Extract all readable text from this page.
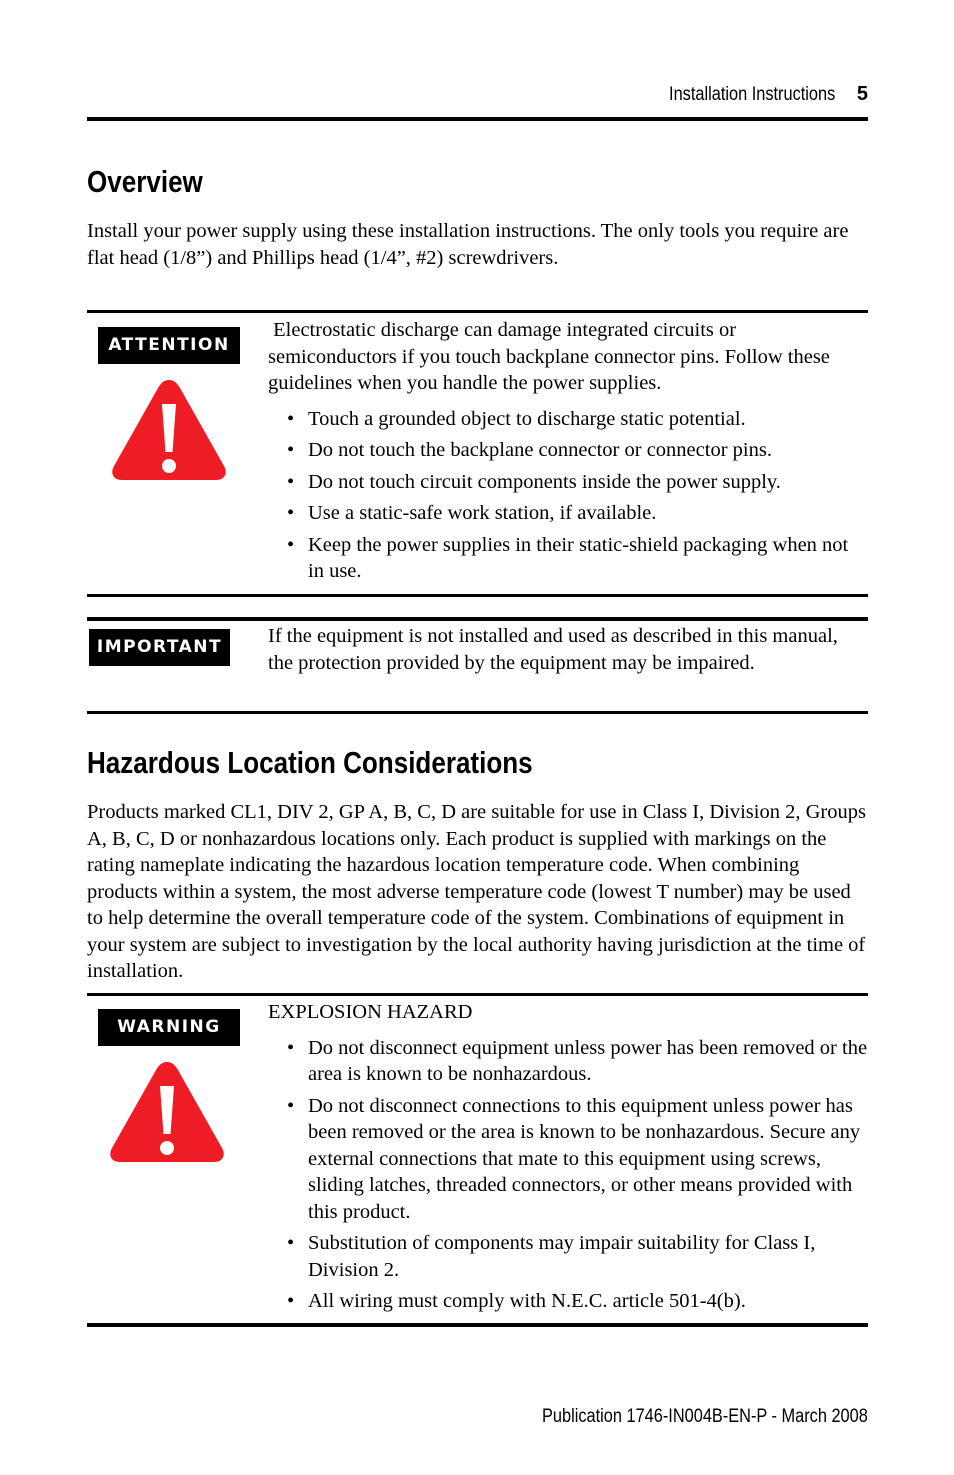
Installation Instructions 5
Overview
Install your power supply using these installation instructions. The only tools you require are flat head (1/8”) and Phillips head (1/4”, #2) screwdrivers.
ATTENTION
Electrostatic discharge can damage integrated circuits or semiconductors if you touch backplane connector pins. Follow these guidelines when you handle the power supplies.
• Touch a grounded object to discharge static potential.
• Do not touch the backplane connector or connector pins.
• Do not touch circuit components inside the power supply.
• Use a static-safe work station, if available.
• Keep the power supplies in their static-shield packaging when not in use.
IMPORTANT	If the equipment is not installed and used as described in this manual, the protection provided by the equipment may be impaired.
Hazardous Location Considerations
Products marked CL1, DIV 2, GP A, B, C, D are suitable for use in Class I, Division 2, Groups A, B, C, D or nonhazardous locations only. Each product is supplied with markings on the rating nameplate indicating the hazardous location temperature code. When combining products within a system, the most adverse temperature code (lowest T number) may be used to help determine the overall temperature code of the system. Combinations of equipment in your system are subject to investigation by the local authority having jurisdiction at the time of installation.
WARNING
EXPLOSION HAZARD
• Do not disconnect equipment unless power has been removed or the area is known to be nonhazardous.
• Do not disconnect connections to this equipment unless power has been removed or the area is known to be nonhazardous. Secure any external connections that mate to this equipment using screws, sliding latches, threaded connectors, or other means provided with this product.
• Substitution of components may impair suitability for Class I, Division 2.
• All wiring must comply with N.E.C. article 501-4(b).
Publication 1746-IN004B-EN-P - March 2008
